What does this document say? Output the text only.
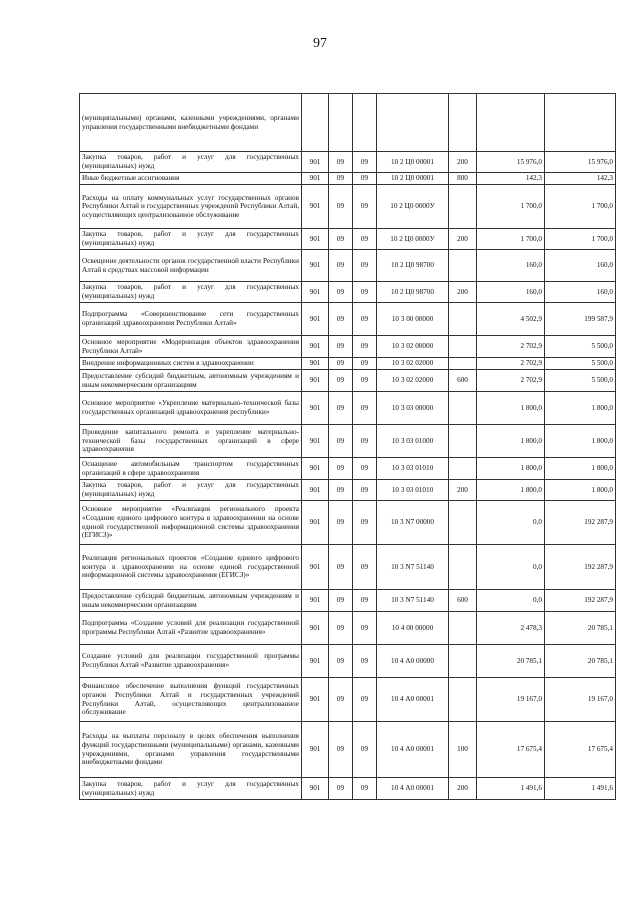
97
(муниципальными) органами, казенными учреждениями, органами управления государственными внебюджетными фондами							
Закупка товаров, работ и услуг для государственных (муниципальных) нужд	901	09	09	10 2 Ц0 00001	200	15 976,0	15 976,0
Иные бюджетные ассигнования	901	09	09	10 2 Ц0 00001	800	142,3	142,3
Расходы на оплату коммунальных услуг государственных органов Республики Алтай и государственных учреждений Республики Алтай, осуществляющих централизованное обслуживание	901	09	09	10 2 Ц0 0000У		1 700,0	1 700,0
Закупка товаров, работ и услуг для государственных (муниципальных) нужд	901	09	09	10 2 Ц0 0000У	200	1 700,0	1 700,0
Освещение деятельности органов государственной власти Республики Алтай в средствах массовой информации	901	09	09	10 2 Ц0 98700		160,0	160,0
Закупка товаров, работ и услуг для государственных (муниципальных) нужд	901	09	09	10 2 Ц0 98700	200	160,0	160,0
Подпрограмма «Совершенствование сети государственных организаций здравоохранения Республики Алтай»	901	09	09	10 3 00 00000		4 502,9	199 587,9
Основное мероприятие «Модернизация объектов здравоохранения Республики Алтай»	901	09	09	10 3 02 00000		2 702,9	5 500,0
Внедрение информационных систем в здравоохранении	901	09	09	10 3 02 02000		2 702,9	5 500,0
Предоставление субсидий бюджетным, автономным учреждениям и иным некоммерческим организациям	901	09	09	10 3 02 02000	600	2 702,9	5 500,0
Основное мероприятие «Укрепление материально-технической базы государственных организаций здравоохранения республики»	901	09	09	10 3 03 00000		1 800,0	1 800,0
Проведение капитального ремонта и укрепление материально-технической базы государственных организаций в сфере здравоохранения	901	09	09	10 3 03 01000		1 800,0	1 800,0
Оснащение автомобильным транспортом государственных организаций в сфере здравоохранения	901	09	09	10 3 03 01010		1 800,0	1 800,0
Закупка товаров, работ и услуг для государственных (муниципальных) нужд	901	09	09	10 3 03 01010	200	1 800,0	1 800,0
Основное мероприятие «Реализация регионального проекта «Создание единого цифрового контура в здравоохранении на основе единой государственной информационной системы здравоохранения (ЕГИСЗ)»	901	09	09	10 3 N7 00000		0,0	192 287,9
Реализация региональных проектов «Создание единого цифрового контура в здравоохранении на основе единой государственной информационной системы здравоохранения (ЕГИСЗ)»	901	09	09	10 3 N7 51140		0,0	192 287,9
Предоставление субсидий бюджетным, автономным учреждениям и иным некоммерческим организациям	901	09	09	10 3 N7 51140	600	0,0	192 287,9
Подпрограмма «Создание условий для реализации государственной программы Республики Алтай «Развитие здравоохранения»	901	09	09	10 4 00 00000		2 478,3	20 785,1
Создание условий для реализации государственной программы Республики Алтай «Развитие здравоохранения»	901	09	09	10 4 А0 00000		20 785,1	20 785,1
Финансовое обеспечение выполнения функций государственных органов Республики Алтай и государственных учреждений Республики Алтай, осуществляющих централизованное обслуживание	901	09	09	10 4 А0 00001		19 167,0	19 167,0
Расходы на выплаты персоналу в целях обеспечения выполнения функций государственными (муниципальными) органами, казенными учреждениями, органами управления государственными внебюджетными фондами	901	09	09	10 4 А0 00001	100	17 675,4	17 675,4
Закупка товаров, работ и услуг для государственных (муниципальных) нужд	901	09	09	10 4 А0 00001	200	1 491,6	1 491,6
